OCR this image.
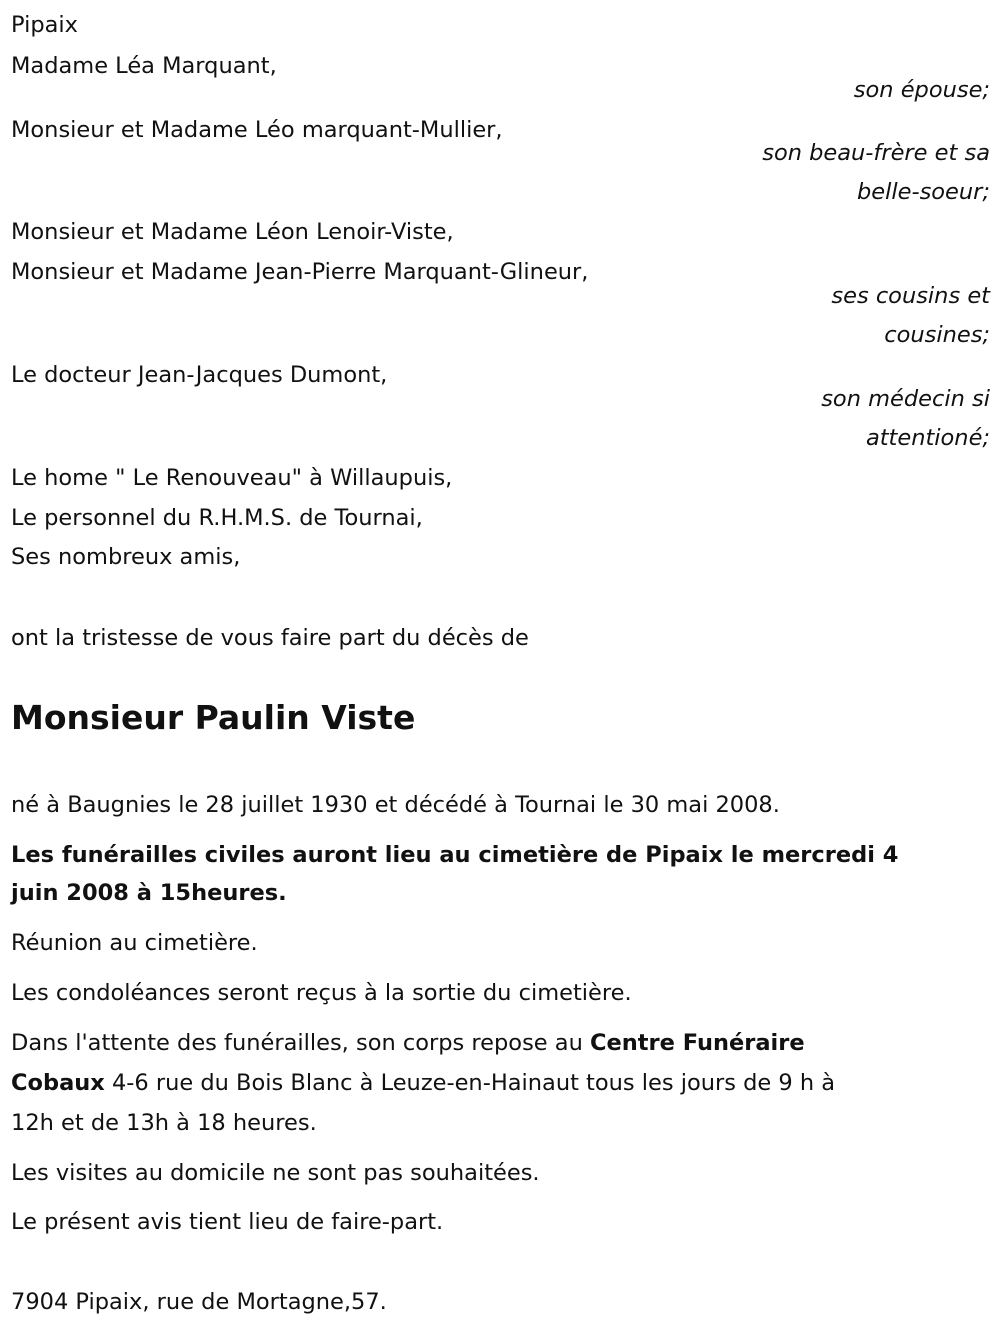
Pipaix
Madame Léa Marquant,
son épouse;
Monsieur et Madame Léo marquant-Mullier,
son beau-frère et sa
belle-soeur;
Monsieur et Madame Léon Lenoir-Viste,
Monsieur et Madame Jean-Pierre Marquant-Glineur,
ses cousins et
cousines;
Le docteur Jean-Jacques Dumont,
son médecin si
attentioné;
Le home " Le Renouveau" à Willaupuis,
Le personnel du R.H.M.S. de Tournai,
Ses nombreux amis,
ont la tristesse de vous faire part du décès de
Monsieur Paulin Viste
né à Baugnies le 28 juillet 1930 et décédé à Tournai le 30 mai 2008.
Les funérailles civiles auront lieu au cimetière de Pipaix le mercredi 4
juin 2008 à 15heures.
Réunion au cimetière.
Les condoléances seront reçus à la sortie du cimetière.
Dans l'attente des funérailles, son corps repose au Centre Funéraire
Cobaux 4-6 rue du Bois Blanc à Leuze-en-Hainaut tous les jours de 9 h à
12h et de 13h à 18 heures.
Les visites au domicile ne sont pas souhaitées.
Le présent avis tient lieu de faire-part.
7904 Pipaix, rue de Mortagne,57.
